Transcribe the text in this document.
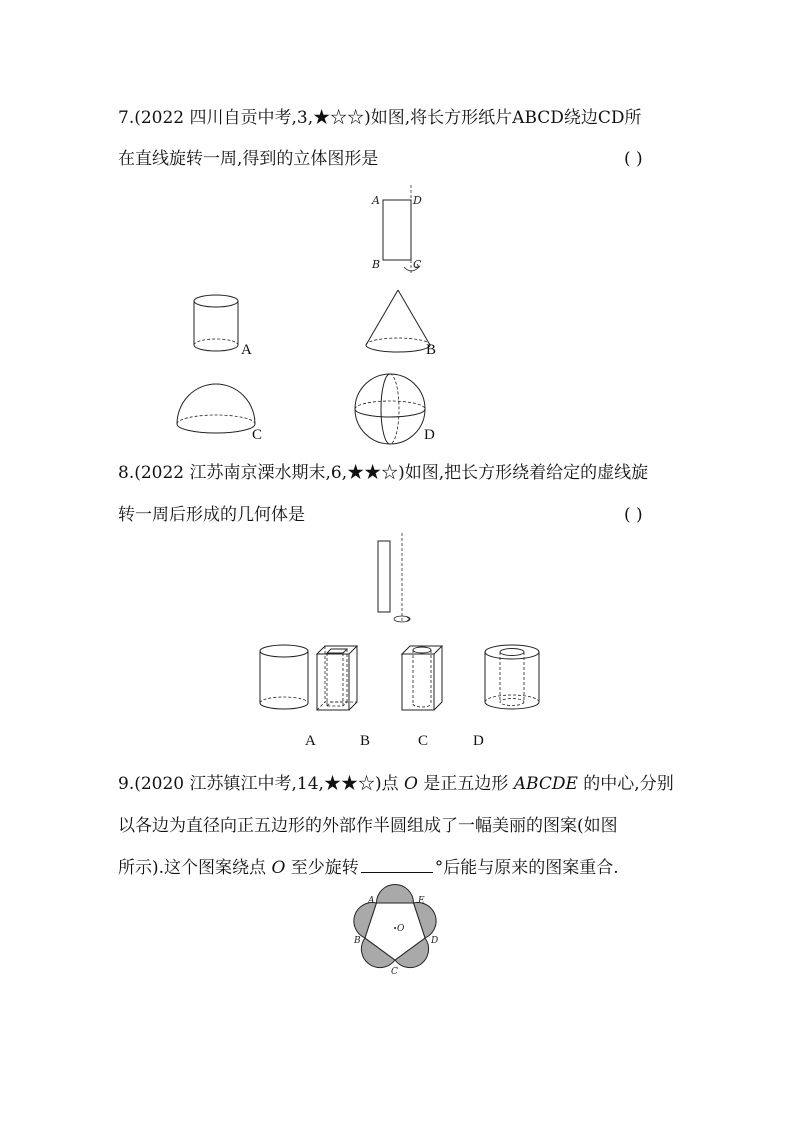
7.(2022 四川自贡中考,3,★☆☆)如图,将长方形纸片ABCD绕边CD所
在直线旋转一周,得到的立体图形是	( )
A	D
B	C
A	B
C	D
8.(2022 江苏南京溧水期末,6,★★☆)如图,把长方形绕着给定的虚线旋
转一周后形成的几何体是	( )
A	B	C	D
9.(2020 江苏镇江中考,14,★★☆)点 O 是正五边形 ABCDE 的中心,分别
以各边为直径向正五边形的外部作半圆组成了一幅美丽的图案(如图
所示).这个图案绕点 O 至少旋转	°后能与原来的图案重合.
O
A	E
D
C
B
